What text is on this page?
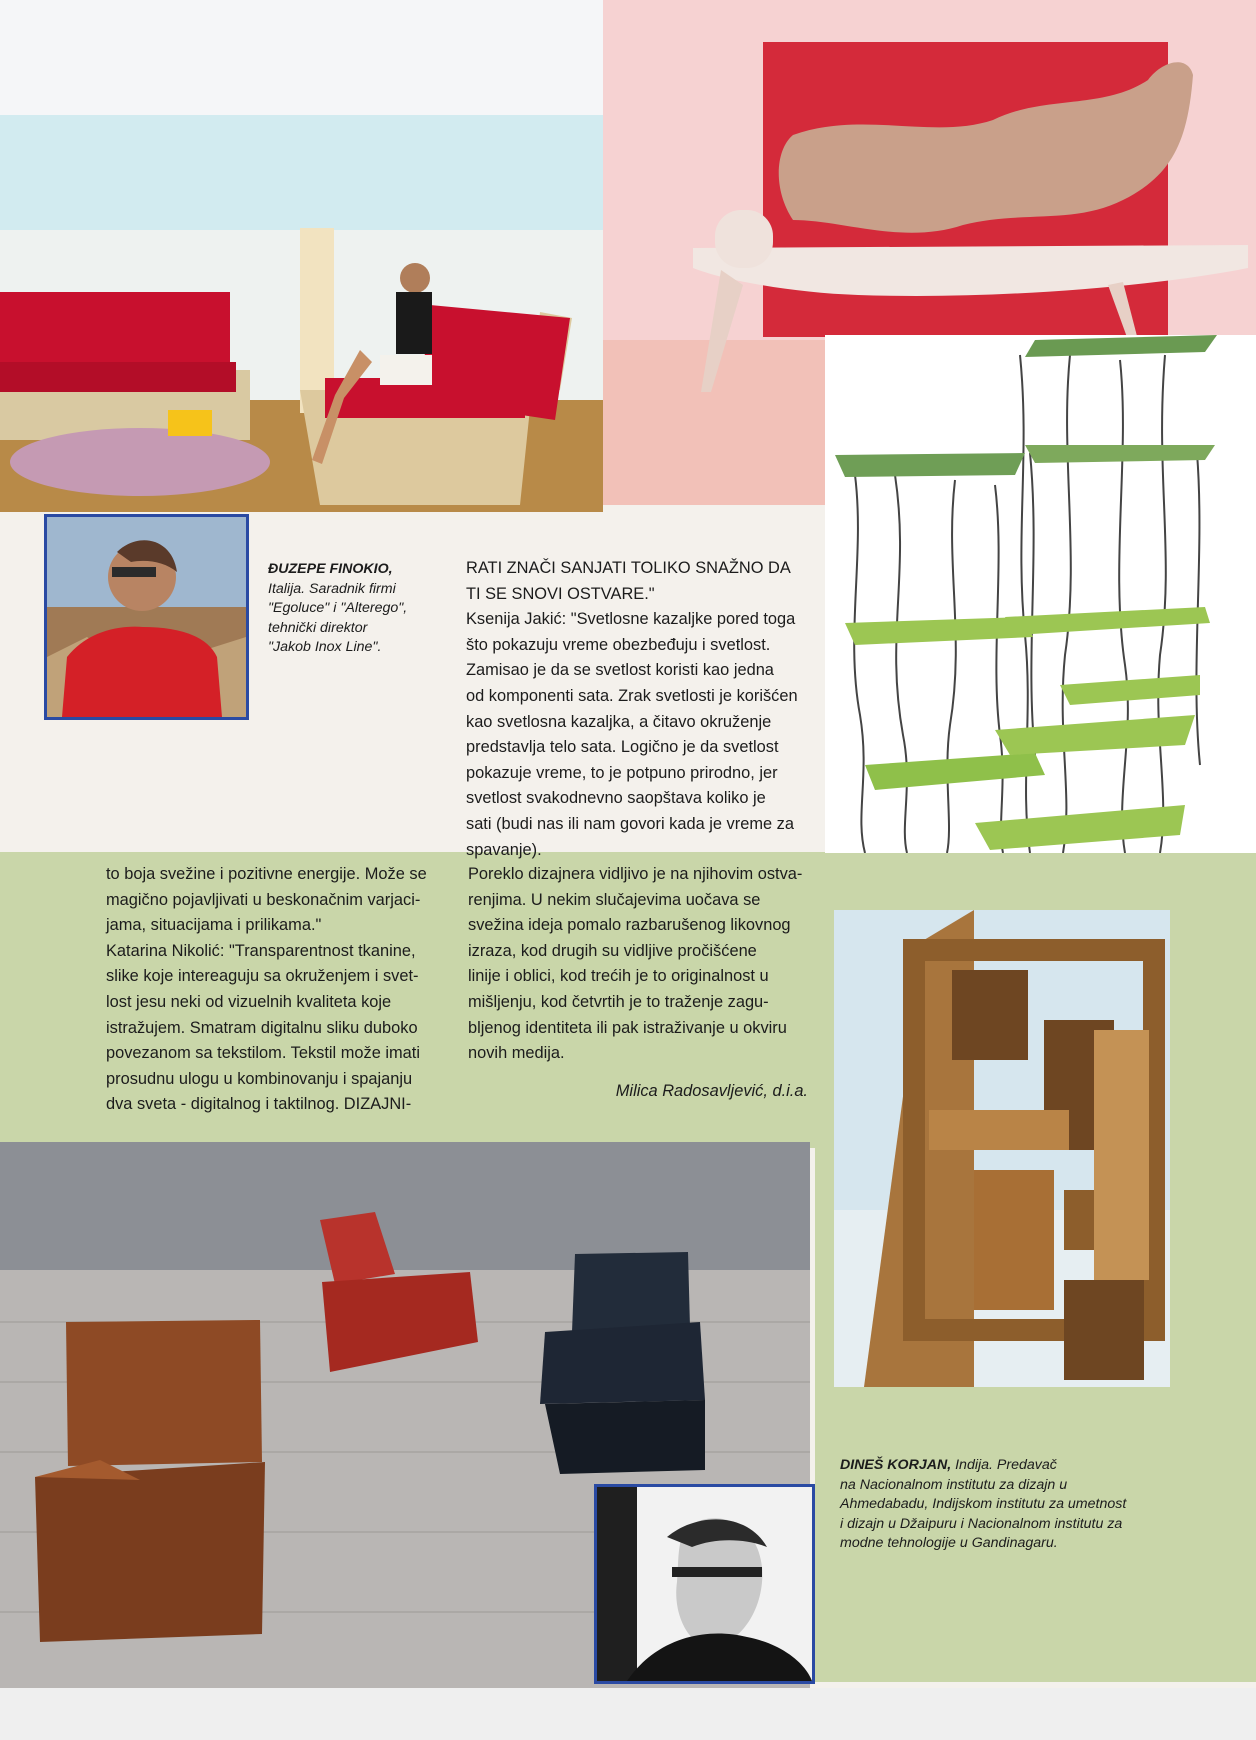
ĐUZEPE FINOKIO,
Italija. Saradnik firmi
"Egoluce" i "Alterego",
tehnički direktor
"Jakob Inox Line".

RATI ZNAČI SANJATI TOLIKO SNAŽNO DA

TI SE SNOVI OSTVARE."

Ksenija Jakić: "Svetlosne kazaljke pored toga

što pokazuju vreme obezbeđuju i svetlost.

Zamisao je da se svetlost koristi kao jedna

od komponenti sata. Zrak svetlosti je korišćen

kao svetlosna kazaljka, a čitavo okruženje

predstavlja telo sata. Logično je da svetlost

pokazuje vreme, to je potpuno prirodno, jer

svetlost svakodnevno saopštava koliko je

sati (budi nas ili nam govori kada je vreme za

spavanje).

to boja svežine i pozitivne energije. Može se

magično pojavljivati u beskonačnim varjaci-

jama, situacijama i prilikama."

Katarina Nikolić: "Transparentnost tkanine,

slike koje intereaguju sa okruženjem i svet-

lost jesu neki od vizuelnih kvaliteta koje

istražujem. Smatram digitalnu sliku duboko

povezanom sa tekstilom. Tekstil može imati

prosudnu ulogu u kombinovanju i spajanju

dva sveta - digitalnog i taktilnog. DIZAJNI-

Poreklo dizajnera vidljivo je na njihovim ostva-

renjima. U nekim slučajevima uočava se

svežina ideja pomalo razbarušenog likovnog

izraza, kod drugih su vidljive pročišćene

linije i oblici, kod trećih je to originalnost u

mišljenju, kod četvrtih je to traženje zagu-

bljenog identiteta ili pak istraživanje u okviru

novih medija.

Milica Radosavljević, d.i.a.
DINEŠ KORJAN, Indija. Predavač
na Nacionalnom institutu za dizajn u
Ahmedabadu, Indijskom institutu za umetnost
i dizajn u Džaipuru i Nacionalnom institutu za
modne tehnologije u Gandinagaru.
